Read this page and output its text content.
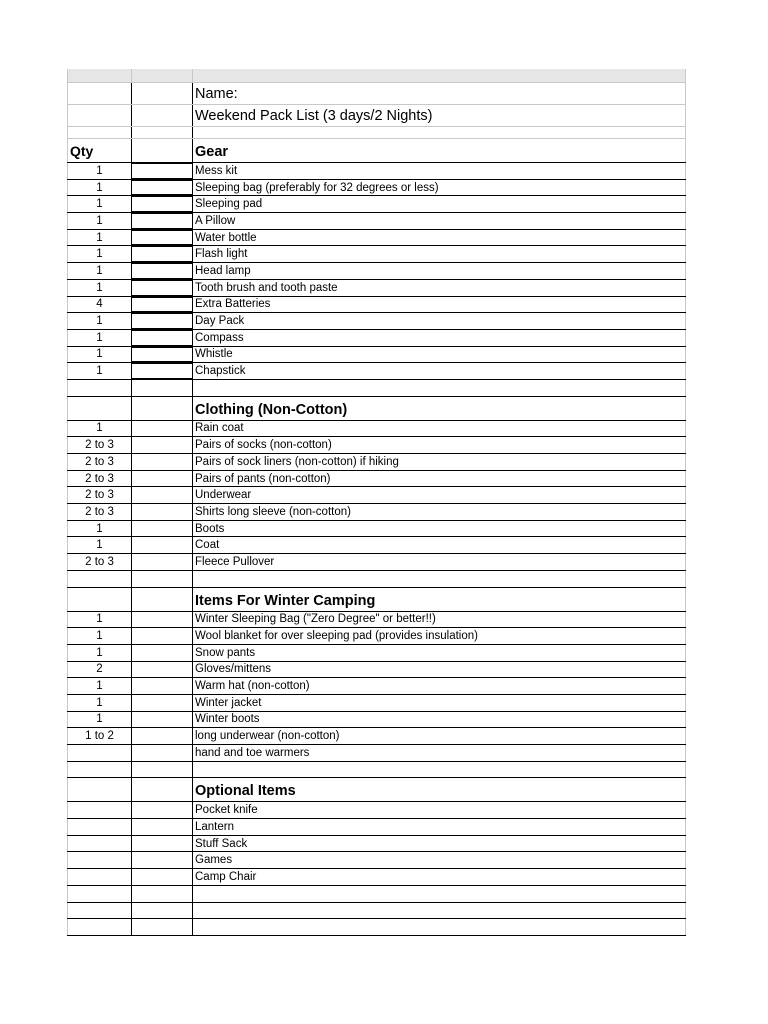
Name:
Weekend Pack List (3 days/2 Nights)
Qty	Gear
1	Mess kit
1	Sleeping bag (preferably for 32 degrees or less)
1	Sleeping pad
1	A Pillow
1	Water bottle
1	Flash light
1	Head lamp
1	Tooth brush and tooth paste
4	Extra Batteries
1	Day Pack
1	Compass
1	Whistle
1	Chapstick
Clothing (Non-Cotton)
1	Rain coat
2 to 3	Pairs of socks (non-cotton)
2 to 3	Pairs of sock liners (non-cotton) if hiking
2 to 3	Pairs of pants (non-cotton)
2 to 3	Underwear
2 to 3	Shirts long sleeve (non-cotton)
1	Boots
1	Coat
2 to 3	Fleece Pullover
Items For Winter Camping
1	Winter Sleeping Bag ("Zero Degree" or better!!)
1	Wool blanket for over sleeping pad (provides insulation)
1	Snow pants
2	Gloves/mittens
1	Warm hat (non-cotton)
1	Winter jacket
1	Winter boots
1 to 2	long underwear (non-cotton)
hand and toe warmers
Optional Items
Pocket knife
Lantern
Stuff Sack
Games
Camp Chair
